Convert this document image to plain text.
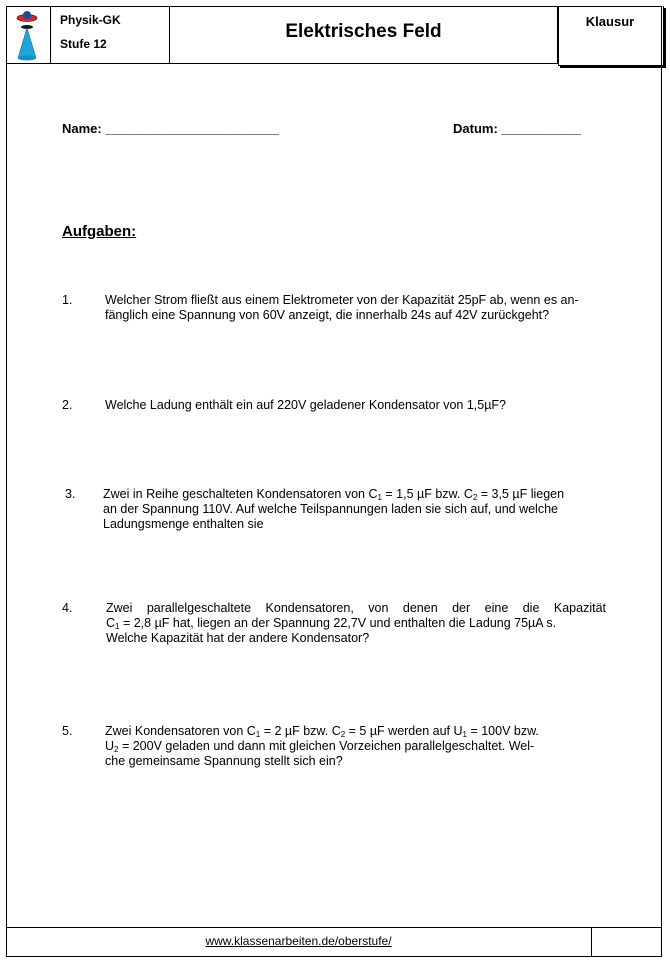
Physik-GK
Stufe 12
Elektrisches Feld	Klausur
Name: ________________________	Datum: ___________
Aufgaben:
1.	Welcher Strom fließt aus einem Elektrometer von der Kapazität 25pF ab, wenn es an-
fänglich eine Spannung von 60V anzeigt, die innerhalb 24s auf 42V zurückgeht?
2.	Welche Ladung enthält ein auf 220V geladener Kondensator von 1,5µF?
3. Zwei in Reihe geschalteten Kondensatoren von $C_1 = 1,5$ µF bzw. $C_2 = 3,5$ µF liegen
an der Spannung 110V. Auf welche Teilspannungen laden sie sich auf, und welche
Ladungsmenge enthalten sie
4.	Zwei parallelgeschaltete Kondensatoren, von denen der eine die Kapazität
$C_1 = 2,8$ µF hat, liegen an der Spannung 22,7V und enthalten die Ladung 75µA s.
Welche Kapazität hat der andere Kondensator?
5.	Zwei Kondensatoren von $C_1 = 2$ µF bzw. $C_2 = 5$ µF werden auf $U_1 = 100V$ bzw.
$U_2 = 200V$ geladen und dann mit gleichen Vorzeichen parallelgeschaltet. Wel-
che gemeinsame Spannung stellt sich ein?
www.klassenarbeiten.de/oberstufe/
